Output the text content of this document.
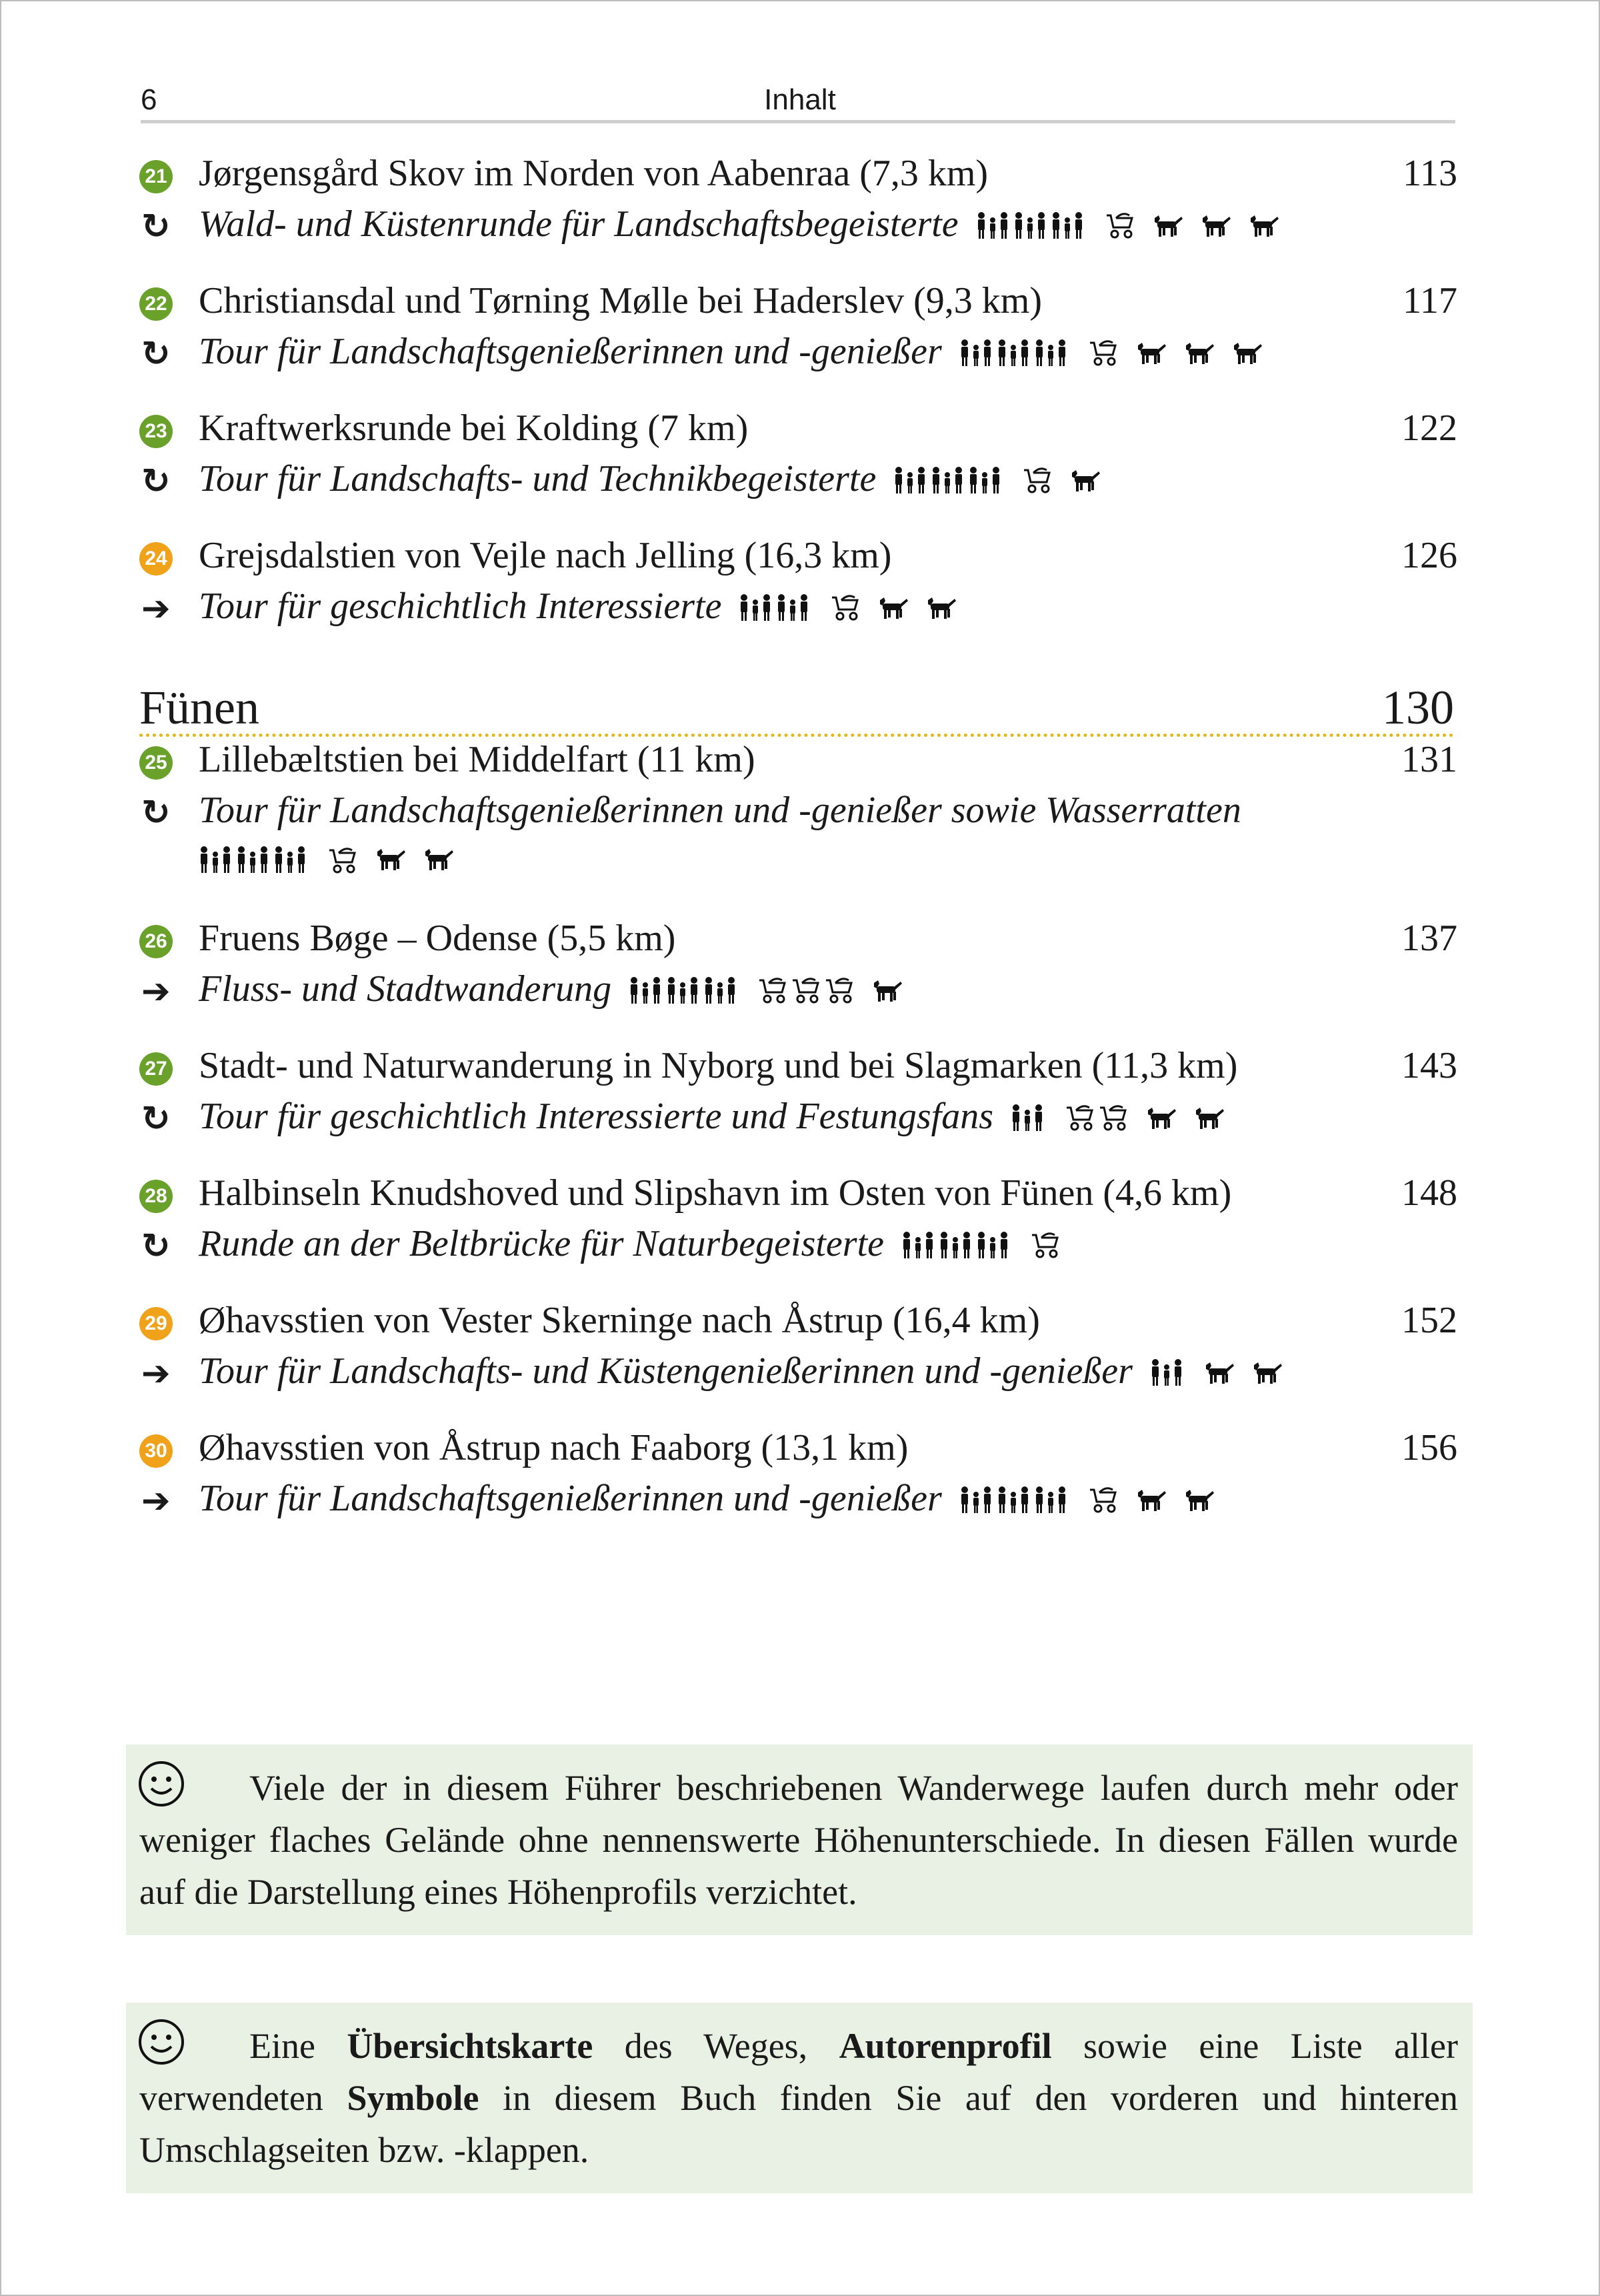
6	Inhalt
21 Jørgensgård Skov im Norden von Aabenraa (7,3 km)	113
↻ Wald- und Küstenrunde für Landschaftsbegeisterte
22 Christiansdal und Tørning Mølle bei Haderslev (9,3 km)	117
↻ Tour für Landschaftsgenießerinnen und -genießer
23 Kraftwerksrunde bei Kolding (7 km)	122
↻ Tour für Landschafts- und Technikbegeisterte
24 Grejsdalstien von Vejle nach Jelling (16,3 km)	126
➔ Tour für geschichtlich Interessierte
Fünen	130
25 Lillebæltstien bei Middelfart (11 km)	131
↻ Tour für Landschaftsgenießerinnen und -genießer sowie Wasserratten
26 Fruens Bøge – Odense (5,5 km)	137
➔ Fluss- und Stadtwanderung
27 Stadt- und Naturwanderung in Nyborg und bei Slagmarken (11,3 km)	143
↻ Tour für geschichtlich Interessierte und Festungsfans
28 Halbinseln Knudshoved und Slipshavn im Osten von Fünen (4,6 km)	148
↻ Runde an der Beltbrücke für Naturbegeisterte
29 Øhavsstien von Vester Skerninge nach Åstrup (16,4 km)	152
➔ Tour für Landschafts- und Küstengenießerinnen und -genießer
30 Øhavsstien von Åstrup nach Faaborg (13,1 km)	156
➔ Tour für Landschaftsgenießerinnen und -genießer

Viele der in diesem Führer beschriebenen Wanderwege laufen durch mehr oder weniger flaches Gelände ohne nennenswerte Höhenunterschiede. In diesen Fällen wurde auf die Darstellung eines Höhenprofils verzichtet.

Eine Übersichtskarte des Weges, Autorenprofil sowie eine Liste aller verwendeten Symbole in diesem Buch finden Sie auf den vorderen und hinteren Umschlagseiten bzw. -klappen.
